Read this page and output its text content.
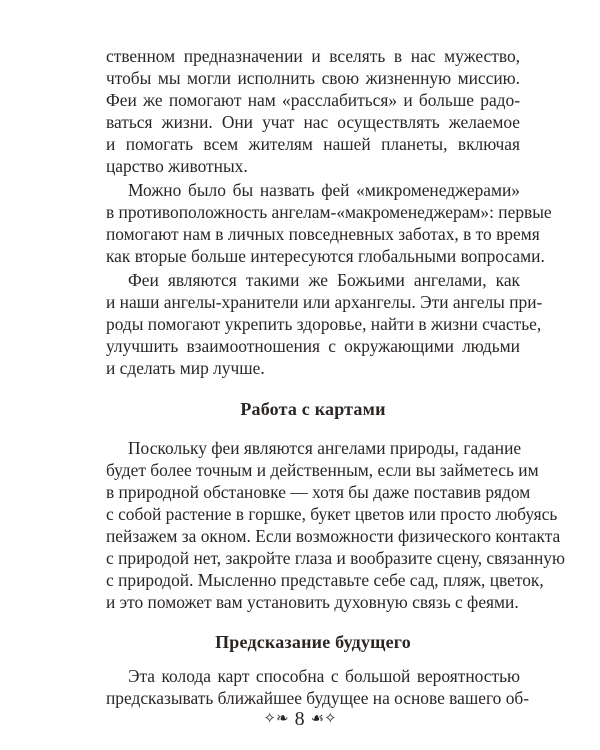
ственном предназначении и вселять в нас мужество,
чтобы мы могли исполнить свою жизненную миссию.
Феи же помогают нам «расслабиться» и больше радо-
ваться жизни. Они учат нас осуществлять желаемое
и помогать всем жителям нашей планеты, включая
царство животных.
Можно было бы назвать фей «микроменеджерами»
в противоположность ангелам-«макроменеджерам»: первые
помогают нам в личных повседневных заботах, в то время
как вторые больше интересуются глобальными вопросами.
Феи являются такими же Божьими ангелами, как
и наши ангелы-хранители или архангелы. Эти ангелы при-
роды помогают укрепить здоровье, найти в жизни счастье,
улучшить взаимоотношения с окружающими людьми
и сделать мир лучше.
Работа с картами
Поскольку феи являются ангелами природы, гадание
будет более точным и действенным, если вы займетесь им
в природной обстановке — хотя бы даже поставив рядом
с собой растение в горшке, букет цветов или просто любуясь
пейзажем за окном. Если возможности физического контакта
с природой нет, закройте глаза и вообразите сцену, связанную
с природой. Мысленно представьте себе сад, пляж, цветок,
и это поможет вам установить духовную связь с феями.
Предсказание будущего
Эта колода карт способна с большой вероятностью
предсказывать ближайшее будущее на основе вашего об-
✧❧ 8 ☙✧
